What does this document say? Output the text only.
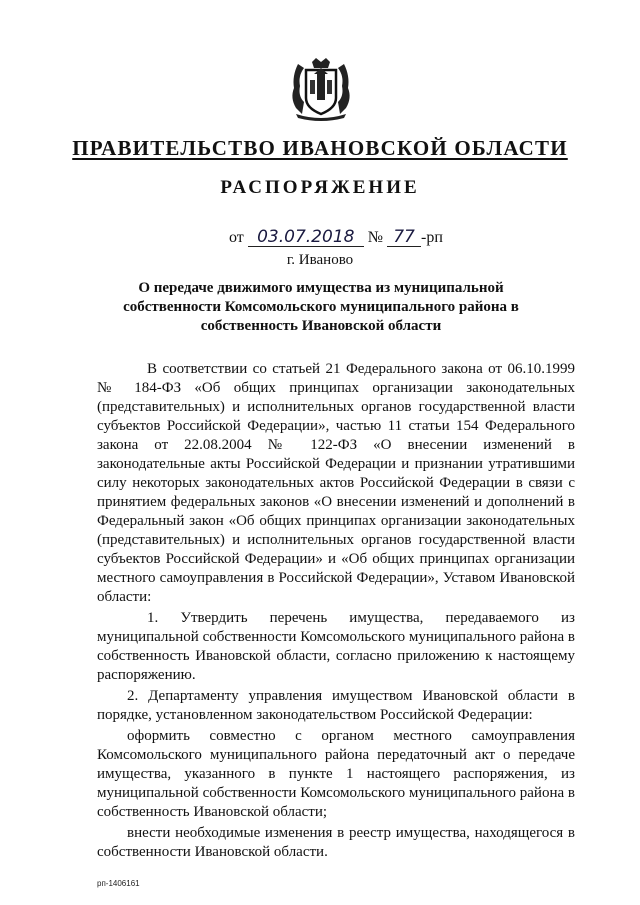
ПРАВИТЕЛЬСТВО ИВАНОВСКОЙ ОБЛАСТИ
РАСПОРЯЖЕНИЕ
от 03.07.2018 № 77 -рп
г. Иваново
О передаче движимого имущества из муниципальной собственности Комсомольского муниципального района в собственность Ивановской области

В соответствии со статьей 21 Федерального закона от 06.10.1999 № 184-ФЗ «Об общих принципах организации законодательных (представительных) и исполнительных органов государственной власти субъектов Российской Федерации», частью 11 статьи 154 Федерального закона от 22.08.2004 № 122-ФЗ «О внесении изменений в законодательные акты Российской Федерации и признании утратившими силу некоторых законодательных актов Российской Федерации в связи с принятием федеральных законов «О внесении изменений и дополнений в Федеральный закон «Об общих принципах организации законодательных (представительных) и исполнительных органов государственной власти субъектов Российской Федерации» и «Об общих принципах организации местного самоуправления в Российской Федерации», Уставом Ивановской области:

1. Утвердить перечень имущества, передаваемого из муниципальной собственности Комсомольского муниципального района в собственность Ивановской области, согласно приложению к настоящему распоряжению.

2. Департаменту управления имуществом Ивановской области в порядке, установленном законодательством Российской Федерации:

оформить совместно с органом местного самоуправления Комсомольского муниципального района передаточный акт о передаче имущества, указанного в пункте 1 настоящего распоряжения, из муниципальной собственности Комсомольского муниципального района в собственность Ивановской области;

внести необходимые изменения в реестр имущества, находящегося в собственности Ивановской области.

рп-1406161
